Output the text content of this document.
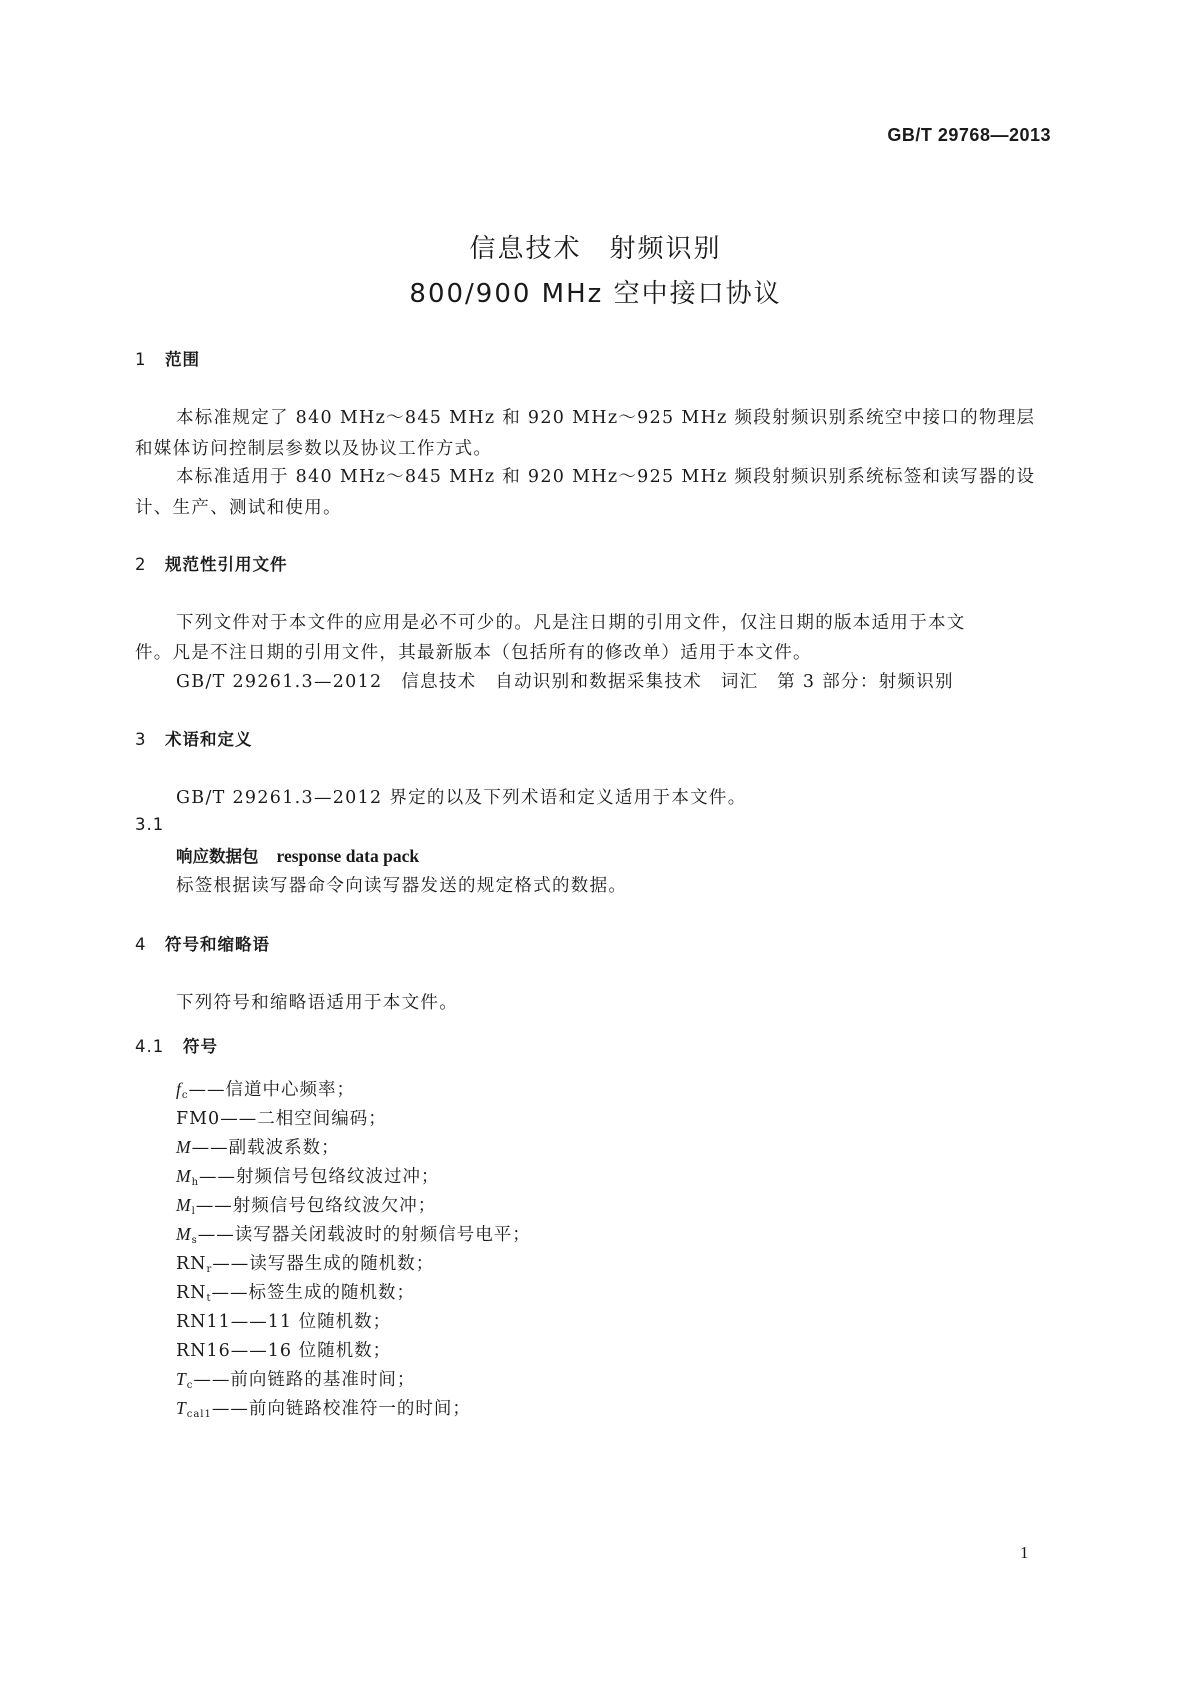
GB/T 29768—2013
信息技术　射频识别
800/900 MHz 空中接口协议
1 范围
本标准规定了 840 MHz～845 MHz 和 920 MHz～925 MHz 频段射频识别系统空中接口的物理层
和媒体访问控制层参数以及协议工作方式。
本标准适用于 840 MHz～845 MHz 和 920 MHz～925 MHz 频段射频识别系统标签和读写器的设
计、生产、测试和使用。
2 规范性引用文件
下列文件对于本文件的应用是必不可少的。凡是注日期的引用文件，仅注日期的版本适用于本文
件。凡是不注日期的引用文件，其最新版本（包括所有的修改单）适用于本文件。
GB/T 29261.3—2012　信息技术　自动识别和数据采集技术　词汇　第 3 部分：射频识别
3 术语和定义
GB/T 29261.3—2012 界定的以及下列术语和定义适用于本文件。
3.1
响应数据包 response data pack
标签根据读写器命令向读写器发送的规定格式的数据。
4 符号和缩略语
下列符号和缩略语适用于本文件。
4.1 符号
$f_c——$信道中心频率；
FM0——二相空间编码；
M——副载波系数；
$M_h——$射频信号包络纹波过冲；
$M_l——$射频信号包络纹波欠冲；
$M_s——$读写器关闭载波时的射频信号电平；
$RN_r——$读写器生成的随机数；
$RN_t——$标签生成的随机数；
RN11——11 位随机数；
RN16——16 位随机数；
$T_c——$前向链路的基准时间；
$T_{cal1}——$前向链路校准符一的时间；
1
